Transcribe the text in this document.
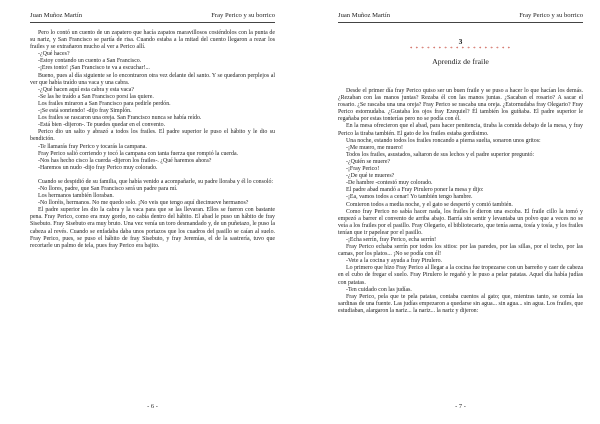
Juan Muñoz Martín	Fray Perico y su borrico

Pero lo contó un cuento de un zapatero que hacía zapatos maravillosos cosiéndolos con la punta de su nariz, y San Francisco se partía de risa. Cuando estaba a la mitad del cuento llegaron a rezar los frailes y se extrañaron mucho al ver a Perico allí.

-¿Qué haces?

-Estoy contando un cuento a San Francisco.

-¡Eres tonto! ¡San Francisco te va a escuchar!...

Bueno, pues al día siguiente se lo encontraron otra vez delante del santo. Y se quedaron perplejos al ver que había traído una vaca y una cabra.

-¿Qué hacen aquí esta cabra y esta vaca?

-Se las he traído a San Francisco porsi las quiere.

Los frailes miraron a San Francisco para pedirle perdón.

-¡Se está sonriendo! -dijo fray Simplón.

Los frailes se rascaron una oreja. San Francisco nunca se había reído.

-Está bien -dijeron-. Te puedes quedar en el convento.

Perico dio un salto y abrazó a todos los frailes. El padre superior le puso el hábito y le dio su bendición.

-Te llamarás fray Perico y tocarás la campana.

Fray Perico salió corriendo y tocó la campana con tanta fuerza que rompió la cuerda.

-Nos has hecho cisco la cuerda -dijeron los frailes-. ¿Qué haremos ahora?

-Haremos un nudo -dijo fray Perico muy colorado.

Cuando se despidió de su familia, que había venido a acompañarle, su padre lloraba y él lo consoló:

-No llores, padre, que San Francisco será un padre para mí.

Los hermanos también lloraban.

-No lloréis, hermanos. No me quedo solo. ¡No veis que tengo aquí diecinueve hermanos?

El padre superior les dio la cabra y la vaca para que se las llevaran. Ellos se fueron con bastante pena. Fray Perico, como era muy gordo, no cabía dentro del hábito. El abad le puso un hábito de fray Sisebuto. Fray Sisebuto era muy bruto. Una vez venía un toro desmandado y, de un puñetazo, le puso la cabeza al revés. Cuando se enfadaba daba unos portazos que los cuadros del pasillo se caían al suelo. Fray Perico, pues, se puso el hábito de fray Sisebuto, y fray Jeremías, el de la sastrería, tuvo que recortarle un palmo de tela, pues fray Perico era bajito.

- 6 -
Juan Muñoz Martín	Fray Perico y su borrico
3
* * * * * * * * * * * * * * * * * *
Aprendiz de fraile

Desde el primer día fray Perico quiso ser un buen fraile y se puso a hacer lo que hacían los demás. ¿Rezaban con las manos juntas? Rezaba él con las manos juntas. ¿Sacaban el rosario? A sacar el rosario. ¿Se rascaba una una oreja? Fray Perico se rascaba una oreja. ¿Estornudaba fray Olegario? Fray Perico estornudaba. ¿Gustaba los ojos fray Ezequiel? Él también los guiñaba. El padre superior le regañaba por estas tonterías pero no se podía con él.

En la mesa ofrecieron que el abad, para hacer penitencia, tiraba la comida debajo de la mesa, y fray Perico la tiraba también. El gato de los frailes estaba gordísimo.

Una noche, estando todos los frailes roncando a pierna suelta, sonaron unos gritos:

-¡Me muero, me muero!

Todos los frailes, asustados, saltaron de sus lechos y el padre superior preguntó:

-¿Quién se muere?

-¡Fray Perico!

-¿De qué te mueres?

-De hambre -contestó muy colorado.

El padre abad mandó a Fray Pirulero poner la mesa y dijo:

-¡Ea, vamos todos a cenar! Yo también tengo hambre.

Comieron todos a media noche, y el gato se despertó y comió también.

Como fray Perico no sabía hacer nada, los frailes le dieron una escoba. El fraile cillo la tomó y empezó a barrer el convento de arriba abajo. Barría sin sentir y levantaba un polvo que a veces no se veía a los frailes por el pasillo. Fray Olegario, el bibliotecario, que tenía asma, tosía y tosía, y los frailes tenían que ir papelear por el pasillo.

-¡Echa serrín, fray Perico, echa serrín!

Fray Perico echaba serrín por todos los sitios: por las paredes, por las sillas, por el techo, por las camas, por los platos... ¡No se podía con él!

-Vete a la cocina y ayuda a fray Pirulero.

Lo primero que hizo Fray Perico al llegar a la cocina fue tropezarse con un barreño y caer de cabeza en el cubo de fregar el suelo. Fray Pirulero le regañó y le puso a pelar patatas. Aquel día había judías con patatas.

-Ten cuidado con las judías.

Fray Perico, pela que te pela patatas, contaba cuentos al gato; que, mientras tanto, se comía las sardinas de una fuente. Las judías empezaron a quedarse sin agua... sin agua... sin agua. Los frailes, que estudiaban, alargaron la nariz... la nariz... la nariz y dijeron:

- 7 -
